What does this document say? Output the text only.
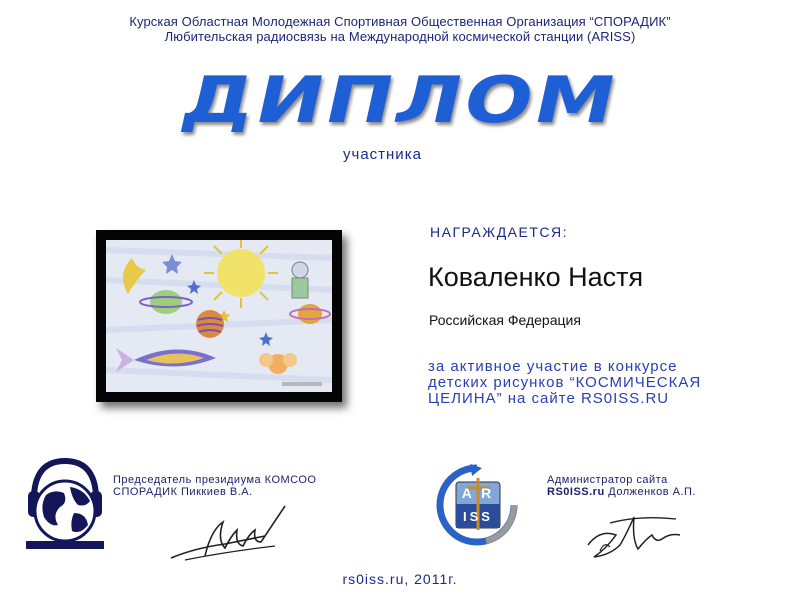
Курская Областная Молодежная Спортивная Общественная Организация “СПОРАДИК”
Любительская радиосвязь на Международной космической станции (ARISS)
ДИПЛОМ
участника
НАГРАЖДАЕТСЯ:
Коваленко Настя
Российская Федерация
за активное участие в конкурсе
детских рисунков “КОСМИЧЕСКАЯ
ЦЕЛИНА” на сайте RS0ISS.RU
Председатель президиума КОМСОО
СПОРАДИК Пиккиев В.А.	A R
ISS
Администратор сайта
RS0ISS.ru Долженков А.П.
rs0iss.ru, 2011г.
